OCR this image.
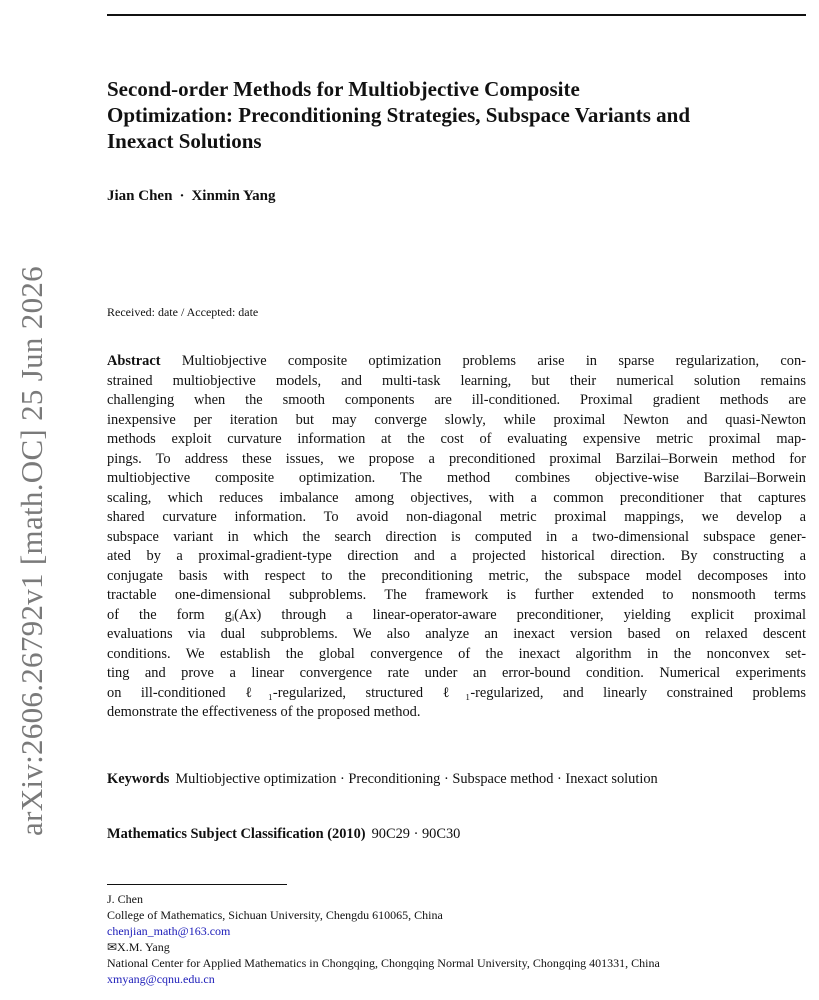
arXiv:2606.26792v1 [math.OC] 25 Jun 2026
Second-order Methods for Multiobjective Composite
Optimization: Preconditioning Strategies, Subspace Variants and
Inexact Solutions
Jian Chen · Xinmin Yang
Received: date / Accepted: date
Abstract Multiobjective composite optimization problems arise in sparse regularization, con-
strained multiobjective models, and multi-task learning, but their numerical solution remains
challenging when the smooth components are ill-conditioned. Proximal gradient methods are
inexpensive per iteration but may converge slowly, while proximal Newton and quasi-Newton
methods exploit curvature information at the cost of evaluating expensive metric proximal map-
pings. To address these issues, we propose a preconditioned proximal Barzilai–Borwein method for
multiobjective composite optimization. The method combines objective-wise Barzilai–Borwein
scaling, which reduces imbalance among objectives, with a common preconditioner that captures
shared curvature information. To avoid non-diagonal metric proximal mappings, we develop a
subspace variant in which the search direction is computed in a two-dimensional subspace gener-
ated by a proximal-gradient-type direction and a projected historical direction. By constructing a
conjugate basis with respect to the preconditioning metric, the subspace model decomposes into
tractable one-dimensional subproblems. The framework is further extended to nonsmooth terms
of the form gᵢ(Ax) through a linear-operator-aware preconditioner, yielding explicit proximal
evaluations via dual subproblems. We also analyze an inexact version based on relaxed descent
conditions. We establish the global convergence of the inexact algorithm in the nonconvex set-
ting and prove a linear convergence rate under an error-bound condition. Numerical experiments
on ill-conditioned ℓ₁-regularized, structured ℓ₁-regularized, and linearly constrained problems
demonstrate the effectiveness of the proposed method.
Keywords Multiobjective optimization · Preconditioning · Subspace method · Inexact solution
Mathematics Subject Classification (2010) 90C29 · 90C30
J. Chen
College of Mathematics, Sichuan University, Chengdu 610065, China
chenjian_math@163.com
✉X.M. Yang
National Center for Applied Mathematics in Chongqing, Chongqing Normal University, Chongqing 401331, China
xmyang@cqnu.edu.cn
